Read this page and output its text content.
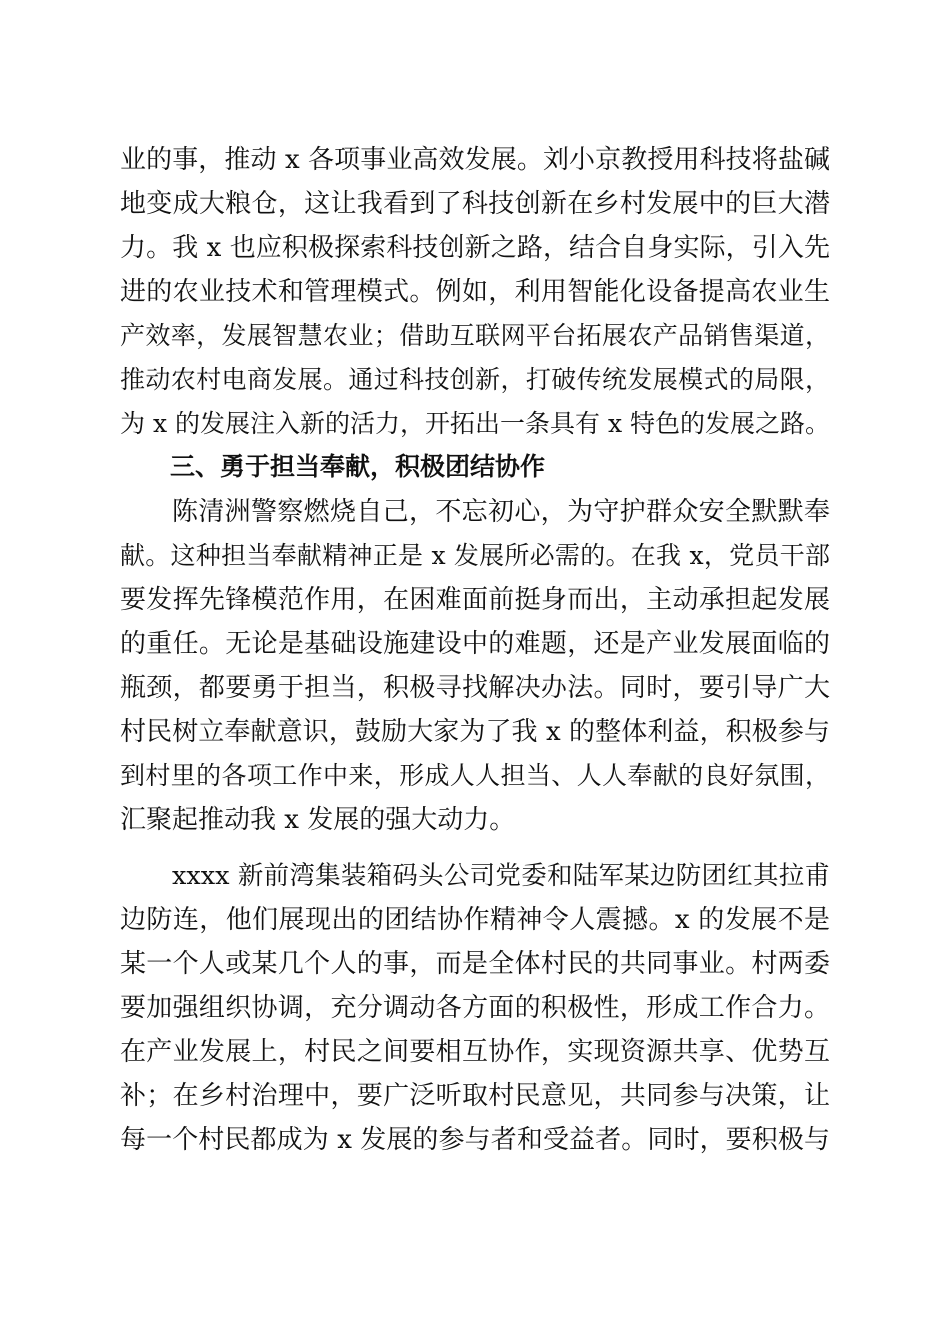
业的事，推动 x 各项事业高效发展。刘小京教授用科技将盐碱
地变成大粮仓，这让我看到了科技创新在乡村发展中的巨大潜
力。我 x 也应积极探索科技创新之路，结合自身实际，引入先
进的农业技术和管理模式。例如，利用智能化设备提高农业生
产效率，发展智慧农业；借助互联网平台拓展农产品销售渠道，
推动农村电商发展。通过科技创新，打破传统发展模式的局限，
为 x 的发展注入新的活力，开拓出一条具有 x 特色的发展之路。
三、勇于担当奉献，积极团结协作
陈清洲警察燃烧自己，不忘初心，为守护群众安全默默奉
献。这种担当奉献精神正是 x 发展所必需的。在我 x，党员干部
要发挥先锋模范作用，在困难面前挺身而出，主动承担起发展
的重任。无论是基础设施建设中的难题，还是产业发展面临的
瓶颈，都要勇于担当，积极寻找解决办法。同时，要引导广大
村民树立奉献意识，鼓励大家为了我 x 的整体利益，积极参与
到村里的各项工作中来，形成人人担当、人人奉献的良好氛围，
汇聚起推动我 x 发展的强大动力。
xxxx 新前湾集装箱码头公司党委和陆军某边防团红其拉甫
边防连，他们展现出的团结协作精神令人震撼。x 的发展不是
某一个人或某几个人的事，而是全体村民的共同事业。村两委
要加强组织协调，充分调动各方面的积极性，形成工作合力。
在产业发展上，村民之间要相互协作，实现资源共享、优势互
补；在乡村治理中，要广泛听取村民意见，共同参与决策，让
每一个村民都成为 x 发展的参与者和受益者。同时，要积极与
